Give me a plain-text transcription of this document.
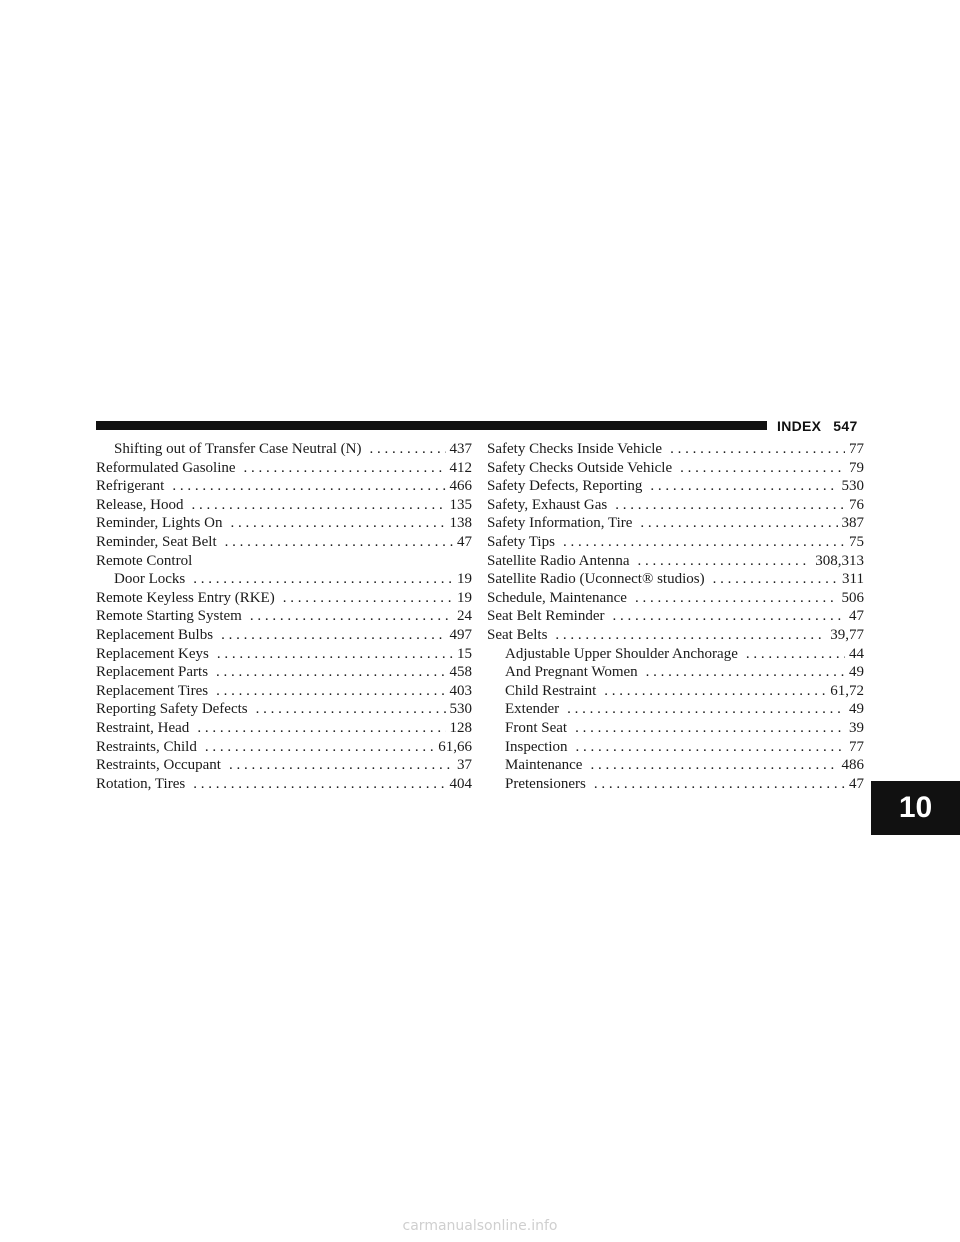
INDEX 547
Shifting out of Transfer Case Neutral (N) . . .	437
Reformulated Gasoline . . .	412
Refrigerant . . .	466
Release, Hood . . .	135
Reminder, Lights On . . .	138
Reminder, Seat Belt . . .	47
Remote Control
Door Locks . . .	19
Remote Keyless Entry (RKE) . . .	19
Remote Starting System . . .	24
Replacement Bulbs . . .	497
Replacement Keys . . .	15
Replacement Parts . . .	458
Replacement Tires . . .	403
Reporting Safety Defects . . .	530
Restraint, Head . . .	128
Restraints, Child . . .	61,66
Restraints, Occupant . . .	37
Rotation, Tires . . .	404
Safety Checks Inside Vehicle . . .	77
Safety Checks Outside Vehicle . . .	79
Safety Defects, Reporting . . .	530
Safety, Exhaust Gas . . .	76
Safety Information, Tire . . .	387
Safety Tips . . .	75
Satellite Radio Antenna . . .	308,313
Satellite Radio (Uconnect® studios) . . .	311
Schedule, Maintenance . . .	506
Seat Belt Reminder . . .	47
Seat Belts . . .	39,77
Adjustable Upper Shoulder Anchorage . . .	44
And Pregnant Women . . .	49
Child Restraint . . .	61,72
Extender . . .	49
Front Seat . . .	39
Inspection . . .	77
Maintenance . . .	486
Pretensioners . . .	47
10
carmanualsonline.info
